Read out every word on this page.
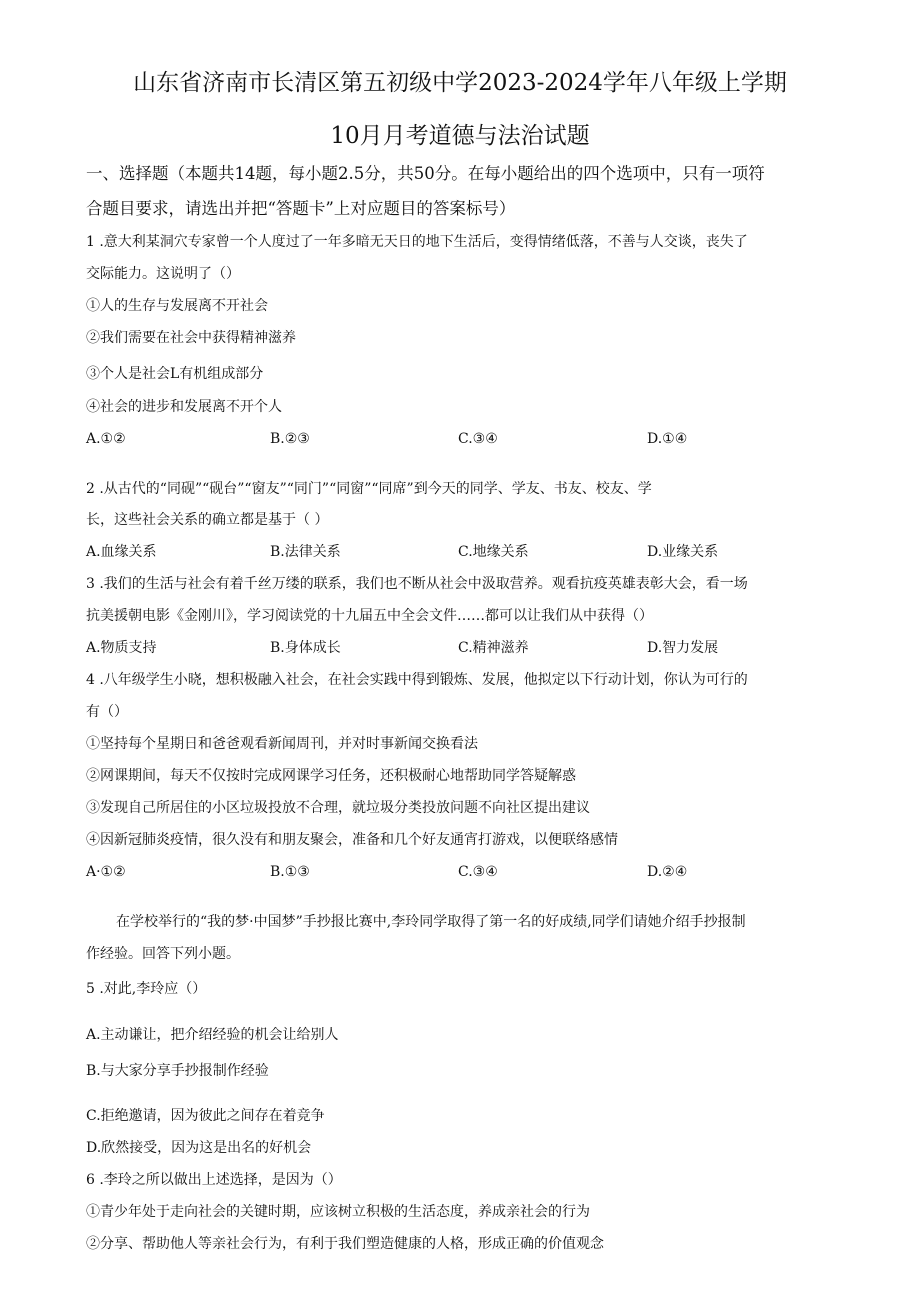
山东省济南市长清区第五初级中学2023-2024学年八年级上学期
10月月考道德与法治试题
一、选择题（本题共14题，每小题2.5分，共50分。在每小题给出的四个选项中，只有一项符
合题目要求，请选出并把“答题卡”上对应题目的答案标号）
1 .意大利某洞穴专家曾一个人度过了一年多暗无天日的地下生活后，变得情绪低落，不善与人交谈，丧失了
交际能力。这说明了（）
①人的生存与发展离不开社会
②我们需要在社会中获得精神滋养
③个人是社会L有机组成部分
④社会的进步和发展离不开个人
A.①②	B.②③	C.③④	D.①④
2 .从古代的“同砚”“砚台”“窗友”“同门”“同窗”“同席”到今天的同学、学友、书友、校友、学
长，这些社会关系的确立都是基于（ ）
A.血缘关系	B.法律关系	C.地缘关系	D.业缘关系
3 .我们的生活与社会有着千丝万缕的联系，我们也不断从社会中汲取营养。观看抗疫英雄表彰大会，看一场
抗美援朝电影《金刚川》，学习阅读党的十九届五中全会文件……都可以让我们从中获得（）
A.物质支持	B.身体成长	C.精神滋养	D.智力发展
4 .八年级学生小晓，想积极融入社会，在社会实践中得到锻炼、发展，他拟定以下行动计划，你认为可行的
有（）
①坚持每个星期日和爸爸观看新闻周刊，并对时事新闻交换看法
②网课期间，每天不仅按时完成网课学习任务，还积极耐心地帮助同学答疑解惑
③发现自己所居住的小区垃圾投放不合理，就垃圾分类投放问题不向社区提出建议
④因新冠肺炎疫情，很久没有和朋友聚会，准备和几个好友通宵打游戏，以便联络感情
A·①②	B.①③	C.③④	D.②④
在学校举行的“我的梦·中国梦”手抄报比赛中,李玲同学取得了第一名的好成绩,同学们请她介绍手抄报制
作经验。回答下列小题。
5 .对此,李玲应（）
A.主动谦让，把介绍经验的机会让给别人
B.与大家分享手抄报制作经验
C.拒绝邀请，因为彼此之间存在着竞争
D.欣然接受，因为这是出名的好机会
6 .李玲之所以做出上述选择，是因为（）
①青少年处于走向社会的关键时期，应该树立积极的生活态度，养成亲社会的行为
②分享、帮助他人等亲社会行为，有利于我们塑造健康的人格，形成正确的价值观念
